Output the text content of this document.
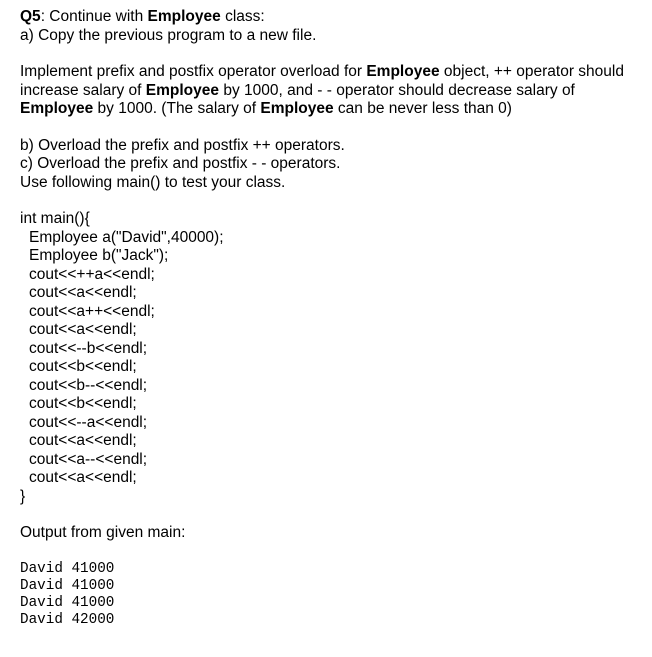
Q5: Continue with Employee class:
a) Copy the previous program to a new file.
Implement prefix and postfix operator overload for Employee object, ++ operator should
increase salary of Employee by 1000, and - - operator should decrease salary of
Employee by 1000. (The salary of Employee can be never less than 0)
b) Overload the prefix and postfix ++ operators.
c) Overload the prefix and postfix - - operators.
Use following main() to test your class.
int main(){
Employee a("David",40000);
Employee b("Jack");
cout<<++a<<endl;
cout<<a<<endl;
cout<<a++<<endl;
cout<<a<<endl;
cout<<--b<<endl;
cout<<b<<endl;
cout<<b--<<endl;
cout<<b<<endl;
cout<<--a<<endl;
cout<<a<<endl;
cout<<a--<<endl;
cout<<a<<endl;
}
Output from given main:
David 41000
David 41000
David 41000
David 42000
